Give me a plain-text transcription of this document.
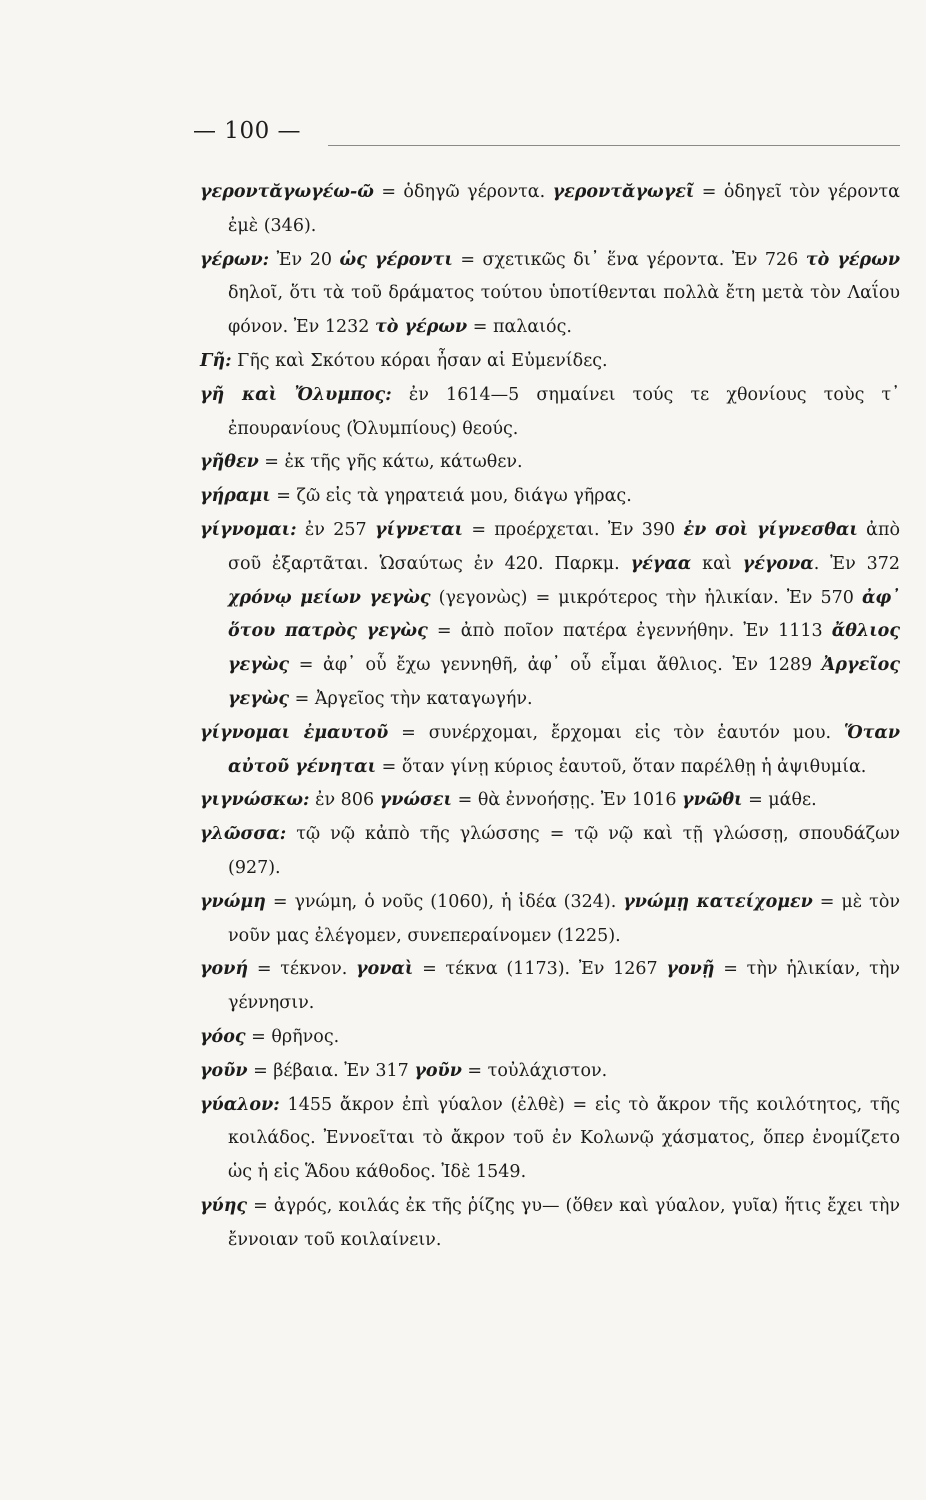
— 100 —

γεροντᾰγωγέω-ῶ = ὁδηγῶ γέροντα. γεροντᾰγωγεῖ = ὁδηγεῖ τὸν γέροντα ἐμὲ (346).

γέρων: Ἐν 20 ὡς γέροντι = σχετικῶς δι᾽ ἕνα γέροντα. Ἐν 726 τὸ γέρων δηλοῖ, ὅτι τὰ τοῦ δράματος τούτου ὑποτίθενται πολλὰ ἔτη μετὰ τὸν Λαΐου φόνον. Ἐν 1232 τὸ γέρων = παλαιός.

Γῆ: Γῆς καὶ Σκότου κόραι ἦσαν αἱ Εὐμενίδες.

γῆ καὶ Ὄλυμπος: ἐν 1614—5 σημαίνει τούς τε χθονίους τοὺς τ᾽ ἐπουρανίους (Ὀλυμπίους) θεούς.

γῆθεν = ἐκ τῆς γῆς κάτω, κάτωθεν.

γήραμι = ζῶ εἰς τὰ γηρατειά μου, διάγω γῆρας.

γίγνομαι: ἐν 257 γίγνεται = προέρχεται. Ἐν 390 ἐν σοὶ γίγνεσθαι ἀπὸ σοῦ ἐξαρτᾶται. Ὡσαύτως ἐν 420. Παρκμ. γέγαα καὶ γέγονα. Ἐν 372 χρόνῳ μείων γεγὼς (γεγονὼς) = μικρότερος τὴν ἡλικίαν. Ἐν 570 ἀφ᾽ ὅτου πατρὸς γεγὼς = ἀπὸ ποῖον πατέρα ἐγεννήθην. Ἐν 1113 ἄθλιος γεγὼς = ἀφ᾽ οὗ ἔχω γεννηθῆ, ἀφ᾽ οὗ εἶμαι ἄθλιος. Ἐν 1289 Ἀργεῖος γεγὼς = Ἀργεῖος τὴν καταγωγήν.

γίγνομαι ἐμαυτοῦ = συνέρχομαι, ἔρχομαι εἰς τὸν ἑαυτόν μου. Ὅταν αὐτοῦ γένηται = ὅταν γίνῃ κύριος ἑαυτοῦ, ὅταν παρέλθῃ ἡ ἀψιθυμία.

γιγνώσκω: ἐν 806 γνώσει = θὰ ἐννοήσῃς. Ἐν 1016 γνῶθι = μάθε.

γλῶσσα: τῷ νῷ κἀπὸ τῆς γλώσσης = τῷ νῷ καὶ τῇ γλώσσῃ, σπουδάζων (927).

γνώμη = γνώμη, ὁ νοῦς (1060), ἡ ἰδέα (324). γνώμῃ κατείχομεν = μὲ τὸν νοῦν μας ἐλέγομεν, συνεπεραίνομεν (1225).

γονή = τέκνον. γοναὶ = τέκνα (1173). Ἐν 1267 γονῇ = τὴν ἡλικίαν, τὴν γέννησιν.

γόος = θρῆνος.

γοῦν = βέβαια. Ἐν 317 γοῦν = τοὐλάχιστον.

γύαλον: 1455 ἄκρον ἐπὶ γύαλον (ἐλθὲ) = εἰς τὸ ἄκρον τῆς κοιλότητος, τῆς κοιλάδος. Ἐννοεῖται τὸ ἄκρον τοῦ ἐν Κολωνῷ χάσματος, ὅπερ ἐνομίζετο ὡς ἡ εἰς Ἅδου κάθοδος. Ἰδὲ 1549.

γύης = ἀγρός, κοιλάς ἐκ τῆς ῥίζης γυ— (ὅθεν καὶ γύαλον, γυῖα) ἥτις ἔχει τὴν ἔννοιαν τοῦ κοιλαίνειν.
